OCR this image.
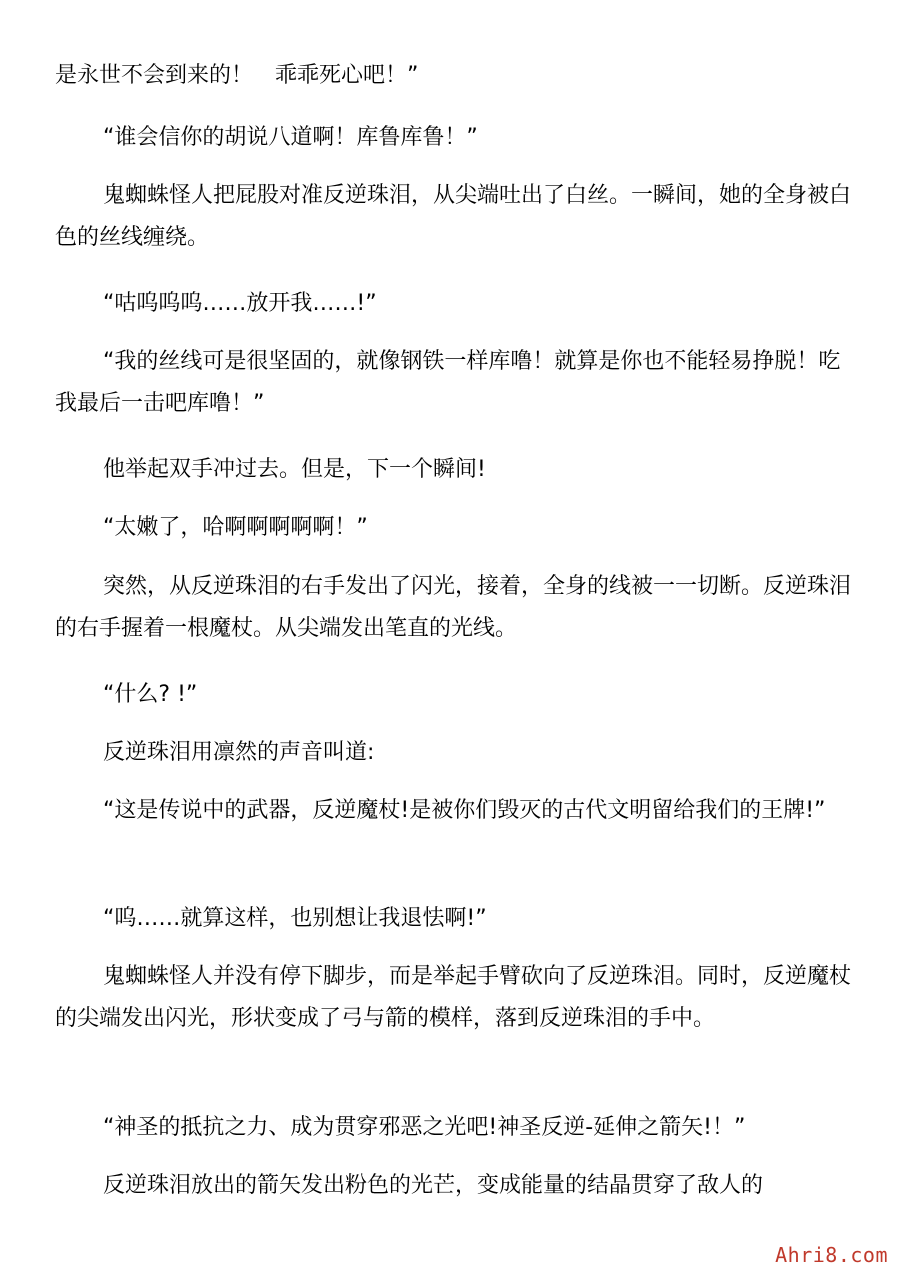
是永世不会到来的！　乖乖死心吧！”

“谁会信你的胡说八道啊！库鲁库鲁！”

鬼蜘蛛怪人把屁股对准反逆珠泪，从尖端吐出了白丝。一瞬间，她的全身被白色的丝线缠绕。

“咕呜呜呜……放开我……!”

“我的丝线可是很坚固的，就像钢铁一样库噜！就算是你也不能轻易挣脱！吃我最后一击吧库噜！”

他举起双手冲过去。但是，下一个瞬间!

“太嫩了，哈啊啊啊啊啊！”

突然，从反逆珠泪的右手发出了闪光，接着，全身的线被一一切断。反逆珠泪的右手握着一根魔杖。从尖端发出笔直的光线。

“什么? !”

反逆珠泪用凛然的声音叫道:

“这是传说中的武器，反逆魔杖!是被你们毁灭的古代文明留给我们的王牌!”

“呜……就算这样，也别想让我退怯啊!”

鬼蜘蛛怪人并没有停下脚步，而是举起手臂砍向了反逆珠泪。同时，反逆魔杖的尖端发出闪光，形状变成了弓与箭的模样，落到反逆珠泪的手中。

“神圣的抵抗之力、成为贯穿邪恶之光吧!神圣反逆-延伸之箭矢!！”

反逆珠泪放出的箭矢发出粉色的光芒，变成能量的结晶贯穿了敌人的

Ahri8.com
